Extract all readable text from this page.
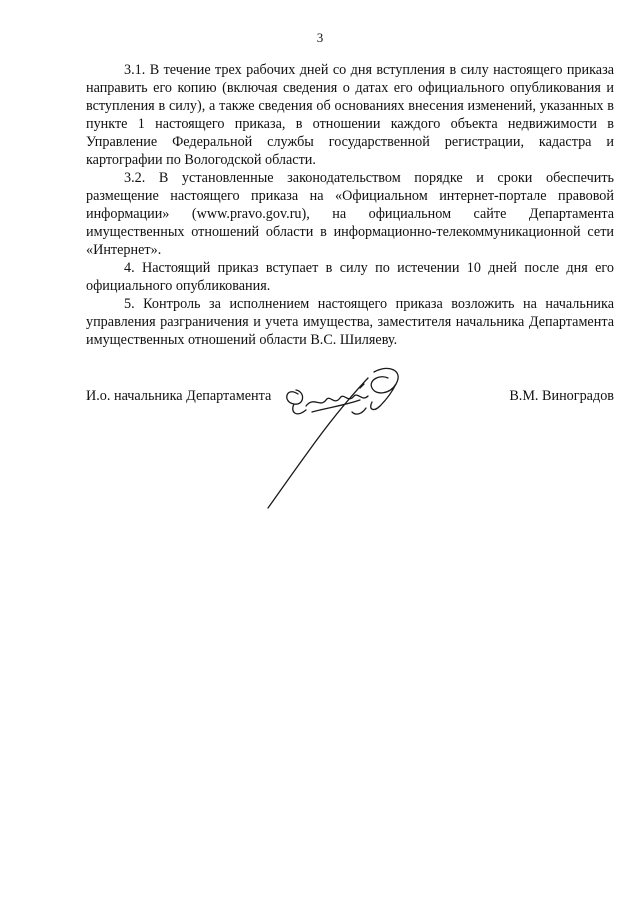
3

3.1. В течение трех рабочих дней со дня вступления в силу настоящего приказа направить его копию (включая сведения о датах его официального опубликования и вступления в силу), а также сведения об основаниях внесения изменений, указанных в пункте 1 настоящего приказа, в отношении каждого объекта недвижимости в Управление Федеральной службы государственной регистрации, кадастра и картографии по Вологодской области.

3.2. В установленные законодательством порядке и сроки обеспечить размещение настоящего приказа на «Официальном интернет-портале правовой информации» (www.pravo.gov.ru), на официальном сайте Департамента имущественных отношений области в информационно-телекоммуникационной сети «Интернет».

4. Настоящий приказ вступает в силу по истечении 10 дней после дня его официального опубликования.

5. Контроль за исполнением настоящего приказа возложить на начальника управления разграничения и учета имущества, заместителя начальника Департамента имущественных отношений области В.С. Шиляеву.

И.о. начальника Департамента	В.М. Виноградов
